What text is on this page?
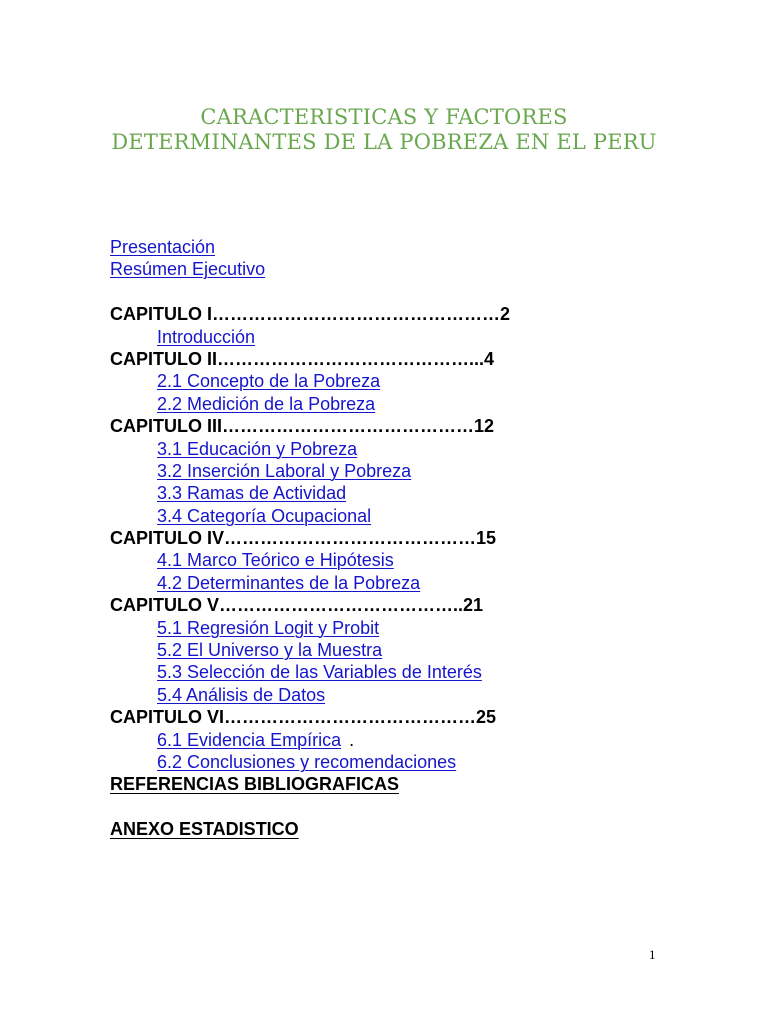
CARACTERISTICAS Y FACTORES
DETERMINANTES DE LA POBREZA EN EL PERU
Presentación
Resúmen Ejecutivo
CAPITULO I…………………………………………2
Introducción
CAPITULO II……………………………………...4
2.1 Concepto de la Pobreza
2.2 Medición de la Pobreza
CAPITULO III……………………………………12
3.1 Educación y Pobreza
3.2 Inserción Laboral y Pobreza
3.3 Ramas de Actividad
3.4 Categoría Ocupacional
CAPITULO IV……………………………………15
4.1 Marco Teórico e Hipótesis
4.2 Determinantes de la Pobreza
CAPITULO V…………………………………..21
5.1 Regresión Logit y Probit
5.2 El Universo y la Muestra
5.3 Selección de las Variables de Interés
5.4 Análisis de Datos
CAPITULO VI……………………………………25
6.1 Evidencia Empírica .
6.2 Conclusiones y recomendaciones
REFERENCIAS BIBLIOGRAFICAS
ANEXO ESTADISTICO
1
